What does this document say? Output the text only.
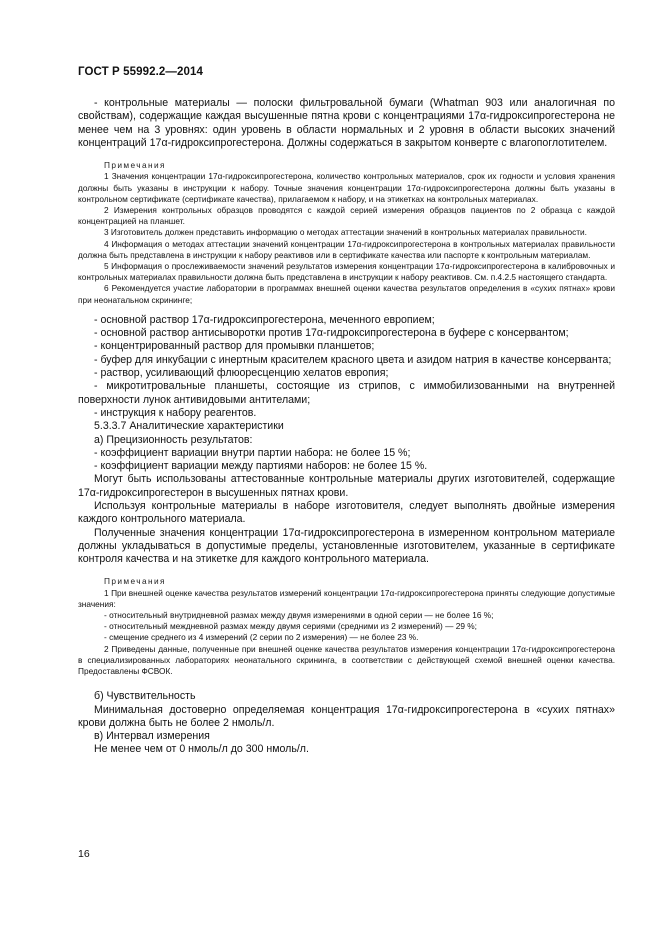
ГОСТ Р 55992.2—2014

- контрольные материалы — полоски фильтровальной бумаги (Whatman 903 или аналогичная по свойствам), содержащие каждая высушенные пятна крови с концентрациями 17α-гидроксипрогестерона не менее чем на 3 уровнях: один уровень в области нормальных и 2 уровня в области высоких значений концентраций 17α-гидроксипрогестерона. Должны содержаться в закрытом конверте с влагопоглотителем.

Примечания

1 Значения концентрации 17α-гидроксипрогестерона, количество контрольных материалов, срок их годности и условия хранения должны быть указаны в инструкции к набору. Точные значения концентрации 17α-гидроксипрогестерона должны быть указаны в контрольном сертификате (сертификате качества), прилагаемом к набору, и на этикетках на контрольных материалах.

2 Измерения контрольных образцов проводятся с каждой серией измерения образцов пациентов по 2 образца с каждой концентрацией на планшет.

3 Изготовитель должен представить информацию о методах аттестации значений в контрольных материалах правильности.

4 Информация о методах аттестации значений концентрации 17α-гидроксипрогестерона в контрольных материалах правильности должна быть представлена в инструкции к набору реактивов или в сертификате качества или паспорте к контрольным материалам.

5 Информация о прослеживаемости значений результатов измерения концентрации 17α-гидроксипрогестерона в калибровочных и контрольных материалах правильности должна быть представлена в инструкции к набору реактивов. См. п.4.2.5 настоящего стандарта.

6 Рекомендуется участие лаборатории в программах внешней оценки качества результатов определения в «сухих пятнах» крови при неонатальном скрининге;

- основной раствор 17α-гидроксипрогестерона, меченного европием;

- основной раствор антисыворотки против 17α-гидроксипрогестерона в буфере с консервантом;

- концентрированный раствор для промывки планшетов;

- буфер для инкубации с инертным красителем красного цвета и азидом натрия в качестве консерванта;

- раствор, усиливающий флюоресценцию хелатов европия;

- микротитровальные планшеты, состоящие из стрипов, с иммобилизованными на внутренней поверхности лунок антивидовыми антителами;

- инструкция к набору реагентов.

5.3.3.7 Аналитические характеристики

а) Прецизионность результатов:

- коэффициент вариации внутри партии набора: не более 15 %;

- коэффициент вариации между партиями наборов: не более 15 %.

Могут быть использованы аттестованные контрольные материалы других изготовителей, содержащие 17α-гидроксипрогестерон в высушенных пятнах крови.

Используя контрольные материалы в наборе изготовителя, следует выполнять двойные измерения каждого контрольного материала.

Полученные значения концентрации 17α-гидроксипрогестерона в измеренном контрольном материале должны укладываться в допустимые пределы, установленные изготовителем, указанные в сертификате контроля качества и на этикетке для каждого контрольного материала.

Примечания

1 При внешней оценке качества результатов измерений концентрации 17α-гидроксипрогестерона приняты следующие допустимые значения:

- относительный внутридневной размах между двумя измерениями в одной серии — не более 16 %;

- относительный междневной размах между двумя сериями (средними из 2 измерений) — 29 %;

- смещение среднего из 4 измерений (2 серии по 2 измерения) — не более 23 %.

2 Приведены данные, полученные при внешней оценке качества результатов измерения концентрации 17α-гидроксипрогестерона в специализированных лабораториях неонатального скрининга, в соответствии с действующей схемой внешней оценки качества. Предоставлены ФСВОК.

б) Чувствительность

Минимальная достоверно определяемая концентрация 17α-гидроксипрогестерона в «сухих пятнах» крови должна быть не более 2 нмоль/л.

в) Интервал измерения

Не менее чем от 0 нмоль/л до 300 нмоль/л.

16
